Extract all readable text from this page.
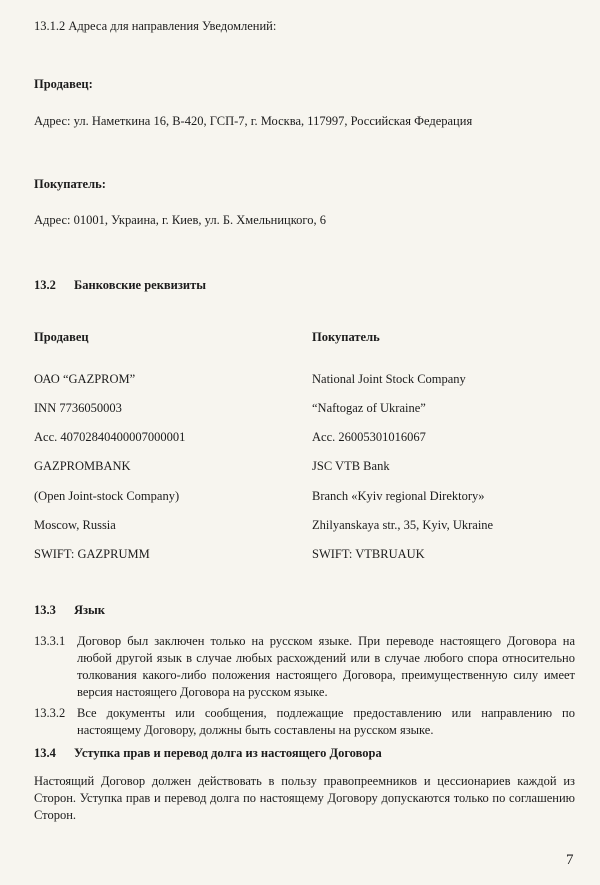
13.1.2 Адреса для направления Уведомлений:
Продавец:
Адрес: ул. Наметкина 16, В-420, ГСП-7, г. Москва, 117997, Российская Федерация
Покупатель:
Адрес: 01001, Украина, г. Киев, ул. Б. Хмельницкого, 6
13.2 Банковские реквизиты
Продавец	Покупатель
ОАО “GAZPROM”
INN 7736050003
Acc. 40702840400007000001
GAZPROMBANK
(Open Joint-stock Company)
Moscow, Russia
SWIFT: GAZPRUMM
National Joint Stock Company
“Naftogaz of Ukraine”
Acc. 26005301016067
JSC VTB Bank
Branch «Kyiv regional Direktory»
Zhilyanskaya str., 35, Kyiv, Ukraine
SWIFT: VTBRUAUK
13.3 Язык
13.3.1 Договор был заключен только на русском языке. При переводе настоящего Договора на любой другой язык в случае любых расхождений или в случае любого спора относительно толкования какого-либо положения настоящего Договора, преимущественную силу имеет версия настоящего Договора на русском языке.
13.3.2 Все документы или сообщения, подлежащие предоставлению или направлению по настоящему Договору, должны быть составлены на русском языке.
13.4 Уступка прав и перевод долга из настоящего Договора
Настоящий Договор должен действовать в пользу правопреемников и цессионариев каждой из Сторон. Уступка прав и перевод долга по настоящему Договору допускаются только по соглашению Сторон.
7
